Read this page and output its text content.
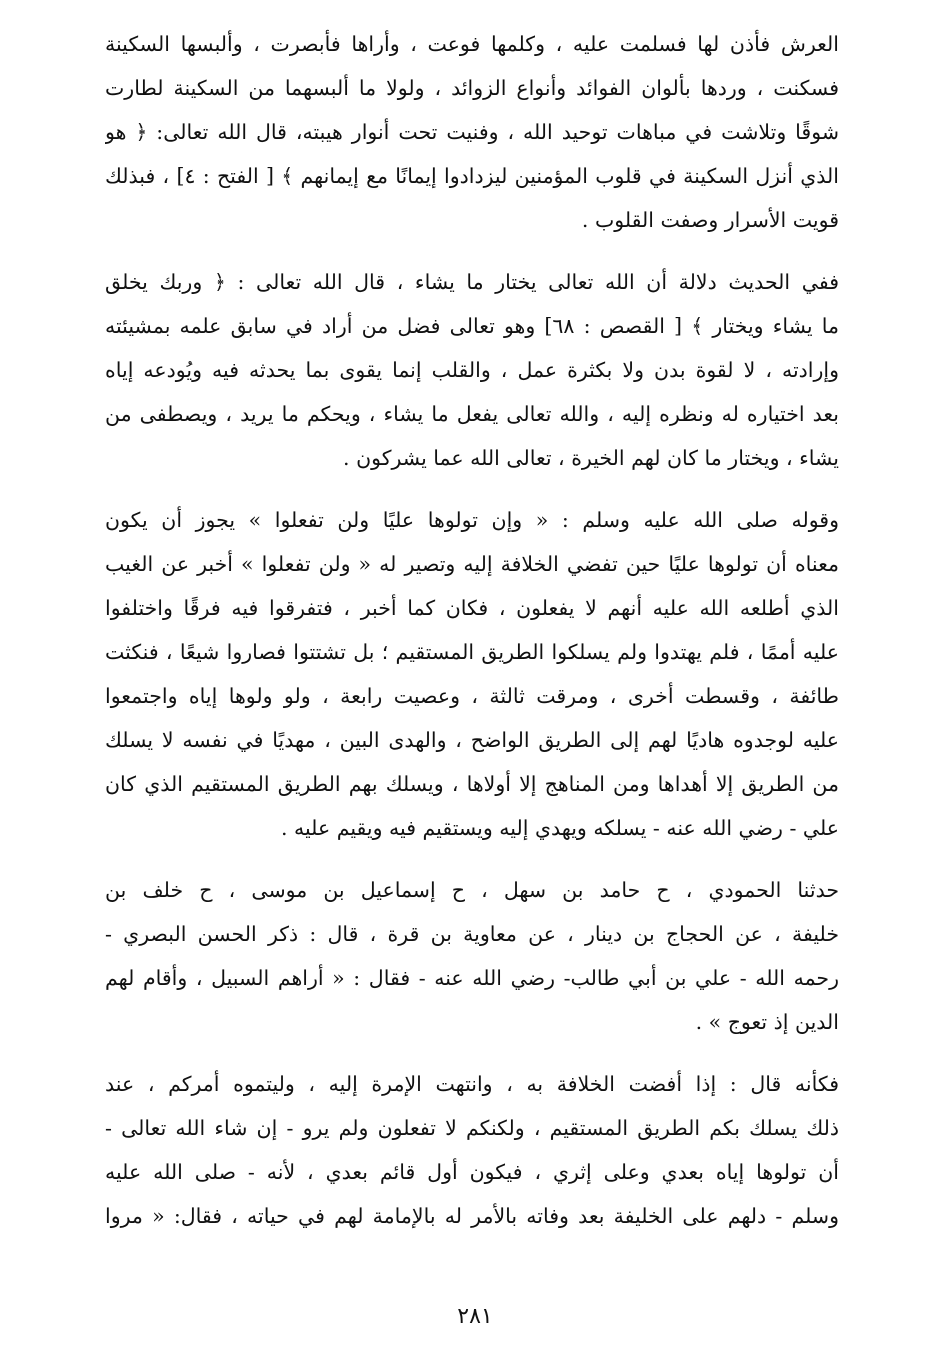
العرش فأذن لها فسلمت عليه ، وكلمها فوعت ، وأراها فأبصرت ، وألبسها السكينة
فسكنت ، وردها بألوان الفوائد وأنواع الزوائد ، ولولا ما ألبسهما من السكينة لطارت
شوقًا وتلاشت في مباهات توحيد الله ، وفنيت تحت أنوار هيبته، قال الله تعالى: ﴿ هو
الذي أنزل السكينة في قلوب المؤمنين ليزدادوا إيمانًا مع إيمانهم ﴾ [ الفتح : ٤] ، فبذلك
قويت الأسرار وصفت القلوب .
ففي الحديث دلالة أن الله تعالى يختار ما يشاء ، قال الله تعالى : ﴿ وربك يخلق
ما يشاء ويختار ﴾ [ القصص : ٦٨] وهو تعالى فضل من أراد في سابق علمه بمشيئته
وإرادته ، لا لقوة بدن ولا بكثرة عمل ، والقلب إنما يقوى بما يحدثه فيه ويُودعه إياه
بعد اختياره له ونظره إليه ، والله تعالى يفعل ما يشاء ، ويحكم ما يريد ، ويصطفى من
يشاء ، ويختار ما كان لهم الخيرة ، تعالى الله عما يشركون .
وقوله صلى الله عليه وسلم : « وإن تولوها عليًا ولن تفعلوا » يجوز أن يكون
معناه أن تولوها عليًا حين تفضي الخلافة إليه وتصير له « ولن تفعلوا » أخبر عن الغيب
الذي أطلعه الله عليه أنهم لا يفعلون ، فكان كما أخبر ، فتفرقوا فيه فرقًا واختلفوا
عليه أممًا ، فلم يهتدوا ولم يسلكوا الطريق المستقيم ؛ بل تشتتوا فصاروا شيعًا ، فنكثت
طائفة ، وقسطت أخرى ، ومرقت ثالثة ، وعصيت رابعة ، ولو ولوها إياه واجتمعوا
عليه لوجدوه هاديًا لهم إلى الطريق الواضح ، والهدى البين ، مهديًا في نفسه لا يسلك
من الطريق إلا أهداها ومن المناهج إلا أولاها ، ويسلك بهم الطريق المستقيم الذي كان
علي - رضي الله عنه - يسلكه ويهدي إليه ويستقيم فيه ويقيم عليه .
حدثنا الحمودي ، ح حامد بن سهل ، ح إسماعيل بن موسى ، ح خلف بن
خليفة ، عن الحجاج بن دينار ، عن معاوية بن قرة ، قال : ذكر الحسن البصري -
رحمه الله - علي بن أبي طالب- رضي الله عنه - فقال : « أراهم السبيل ، وأقام لهم
الدين إذ تعوج » .
فكأنه قال : إذا أفضت الخلافة به ، وانتهت الإمرة إليه ، وليتموه أمركم ، عند
ذلك يسلك بكم الطريق المستقيم ، ولكنكم لا تفعلون ولم يرو - إن شاء الله تعالى -
أن تولوها إياه بعدي وعلى إثري ، فيكون أول قائم بعدي ، لأنه - صلى الله عليه
وسلم - دلهم على الخليفة بعد وفاته بالأمر له بالإمامة لهم في حياته ، فقال: « مروا
٢٨١
